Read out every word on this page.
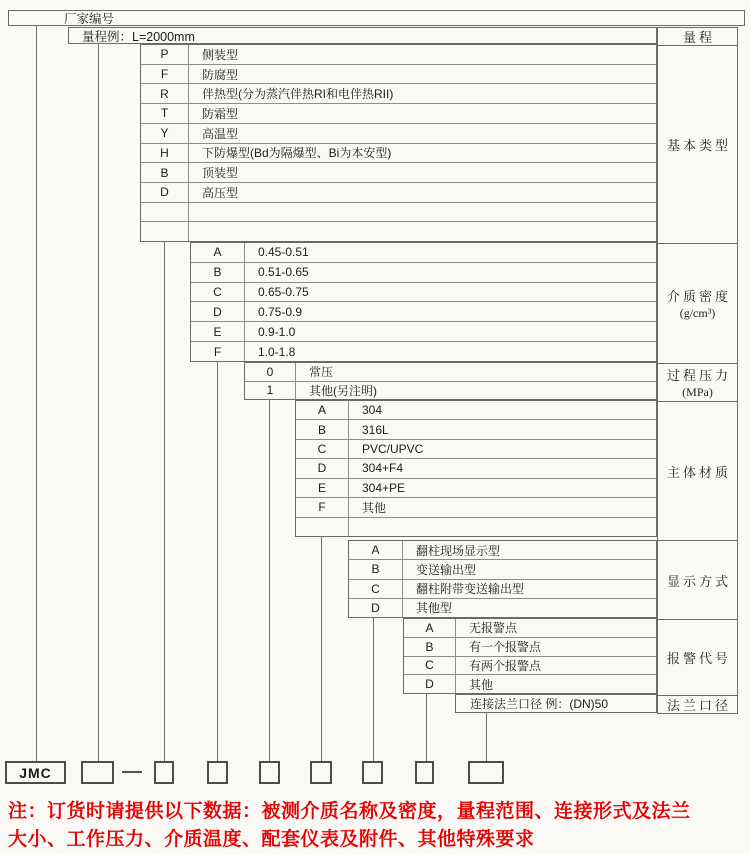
厂家编号
量程例：L=2000mm
P	侧装型
F	防腐型
R	伴热型(分为蒸汽伴热RI和电伴热RII)
T	防霜型
Y	高温型
H	下防爆型(Bd为隔爆型、Bi为本安型)
B	顶装型
D	高压型
A	0.45-0.51
B	0.51-0.65
C	0.65-0.75
D	0.75-0.9
E	0.9-1.0
F	1.0-1.8
0	常压
1	其他(另注明)
A	304
B	316L
C	PVC/UPVC
D	304+F4
E	304+PE
F	其他
A	翻柱现场显示型
B	变送输出型
C	翻柱附带变送输出型
D	其他型
A	无报警点
B	有一个报警点
C	有两个报警点
D	其他
连接法兰口径 例：(DN)50
量程
基本类型
介质密度
(g/cm³)
过程压力
(MPa)
主体材质
显示方式
报警代号
法兰口径
JMC
注：订货时请提供以下数据：被测介质名称及密度，量程范围、连接形式及法兰
大小、工作压力、介质温度、配套仪表及附件、其他特殊要求
